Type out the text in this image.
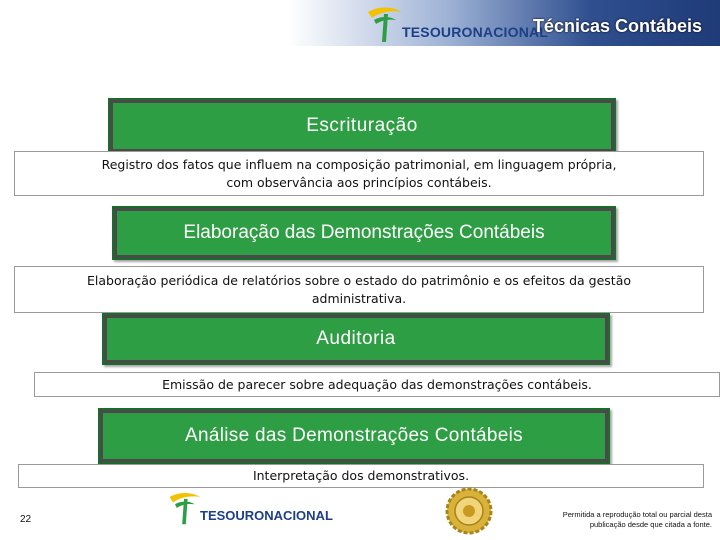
TESOURONACIONAL
Técnicas Contábeis
Escrituração
Registro dos fatos que influem na composição patrimonial, em linguagem própria,
com observância aos princípios contábeis.
Elaboração das Demonstrações Contábeis
Elaboração periódica de relatórios sobre o estado do patrimônio e os efeitos da gestão
administrativa.
Auditoria
Emissão de parecer sobre adequação das demonstrações contábeis.
Análise das Demonstrações Contábeis
Interpretação dos demonstrativos.
22	TESOURONACIONAL	Permitida a reprodução total ou parcial desta
publicação desde que citada a fonte.
